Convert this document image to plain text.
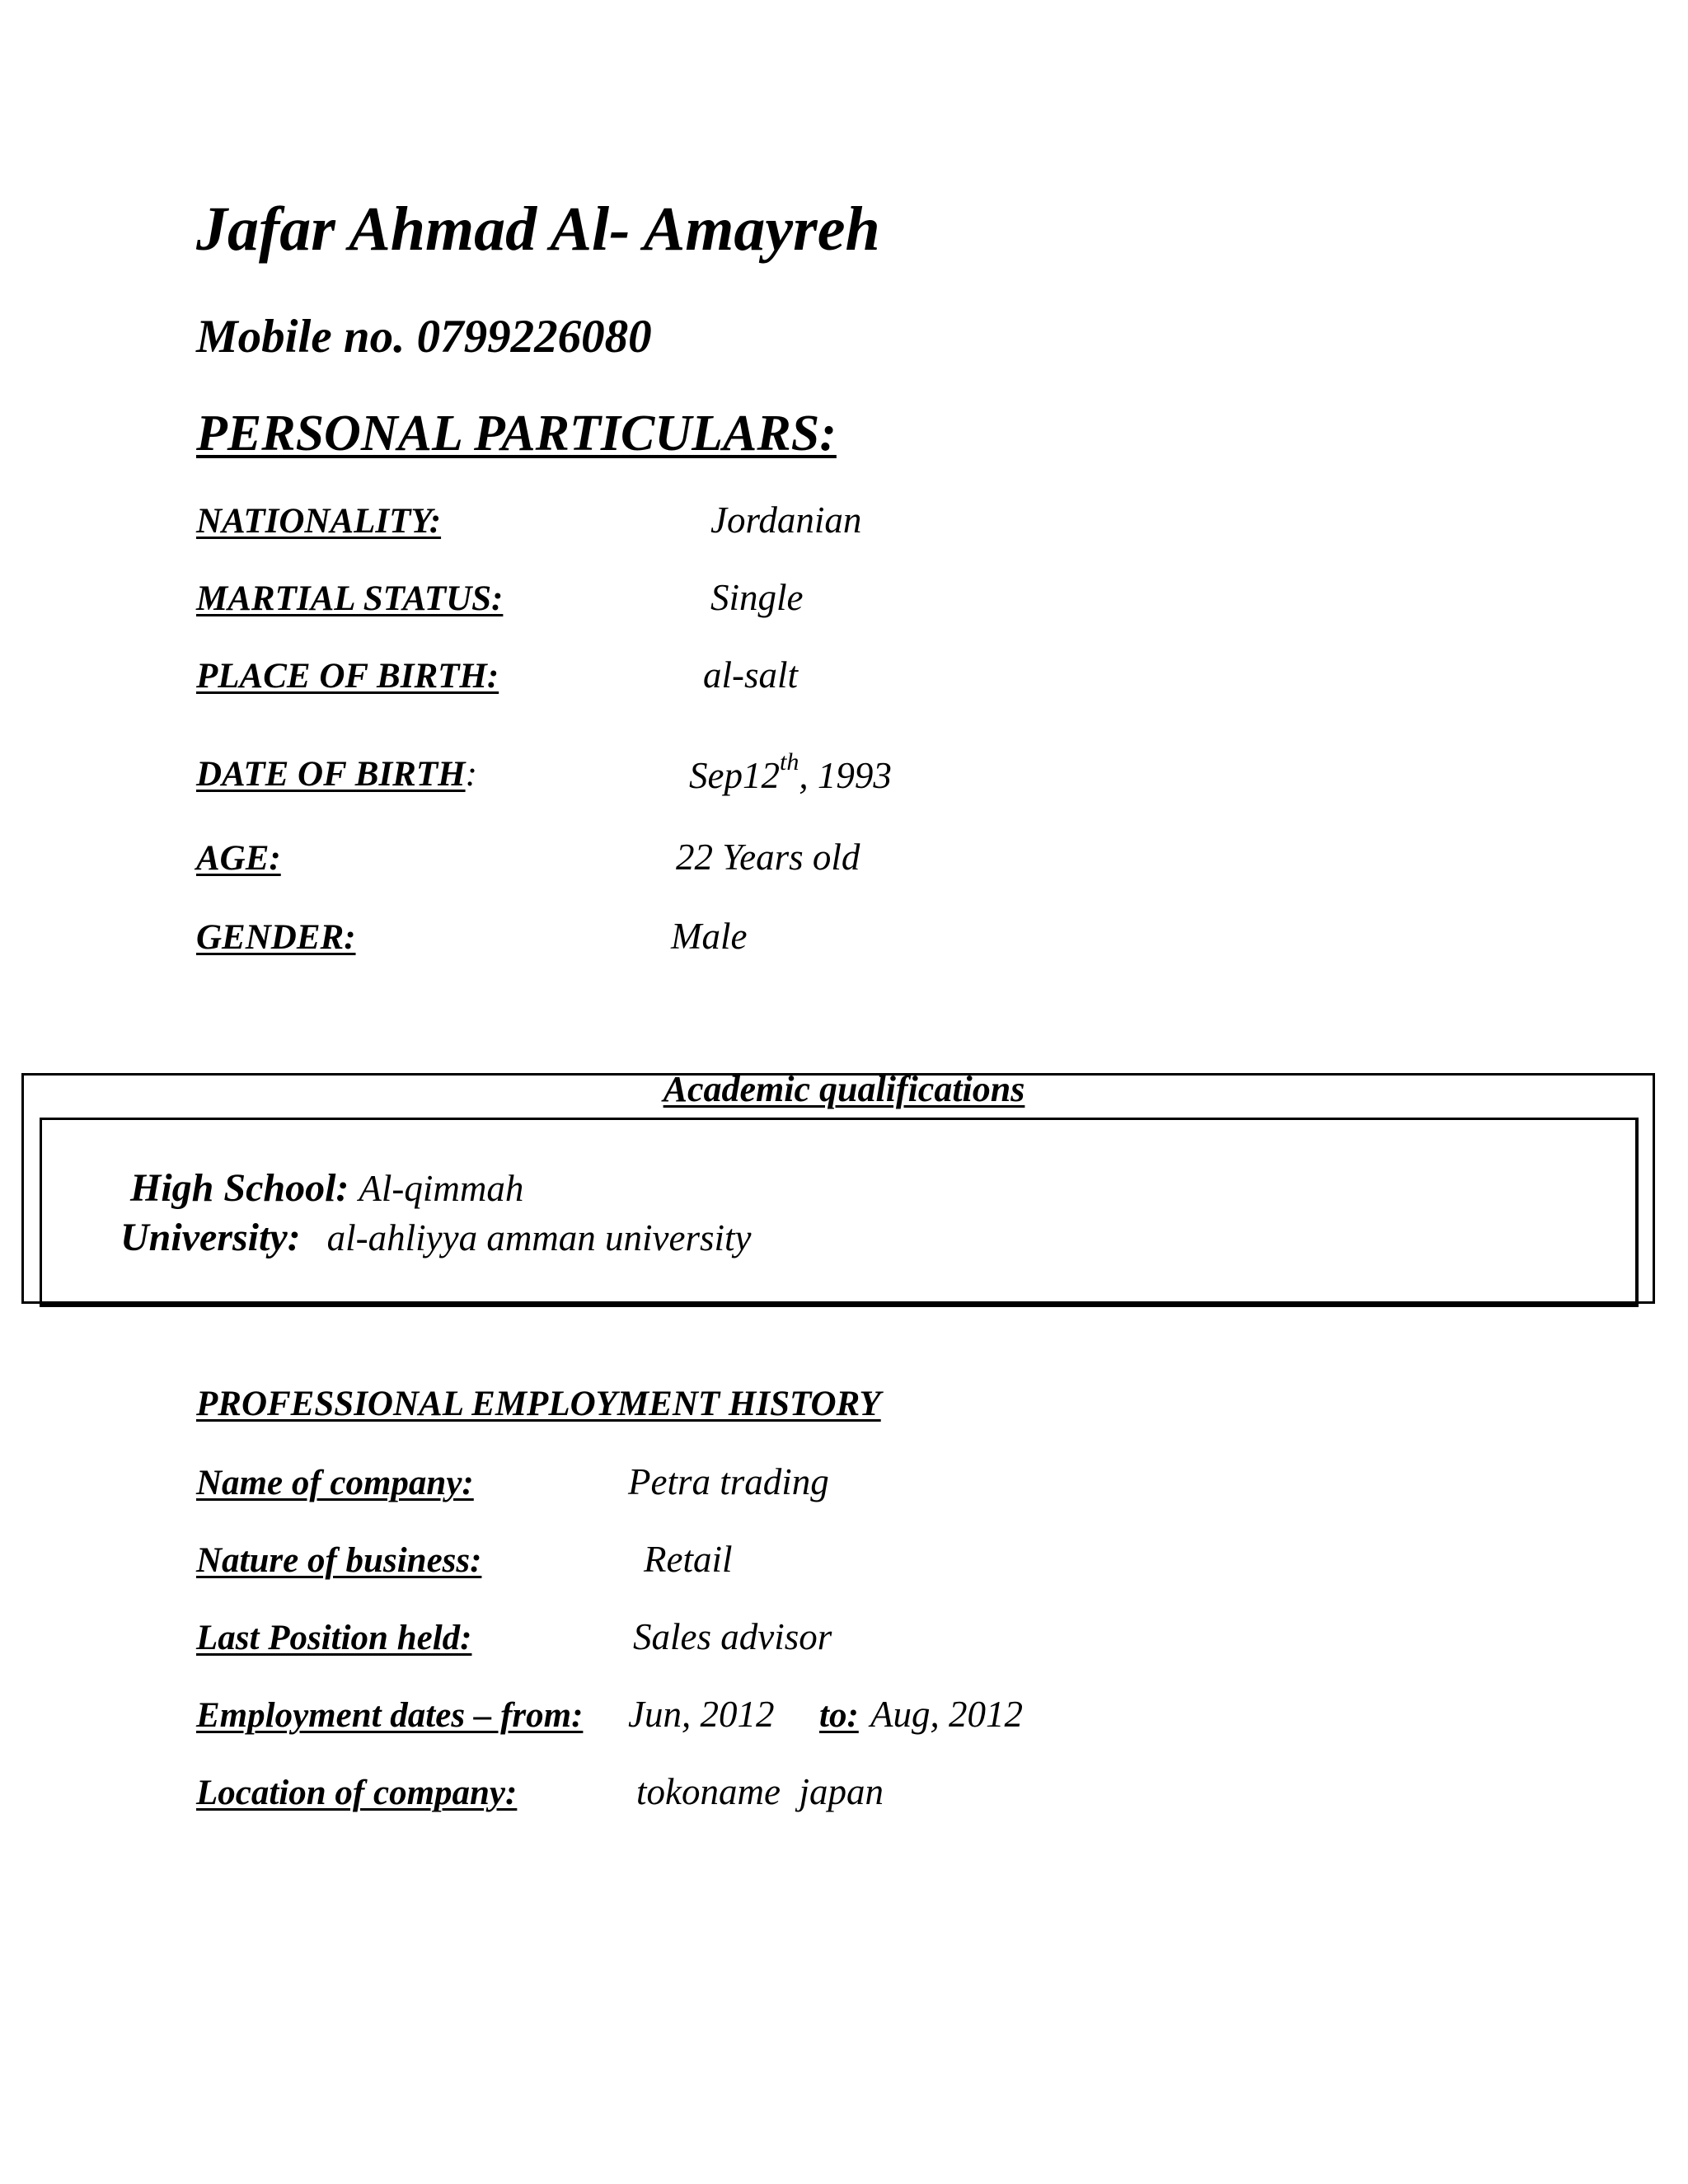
Jafar Ahmad Al- Amayreh
Mobile no. 0799226080
PERSONAL PARTICULARS:
NATIONALITY:	Jordanian
MARTIAL STATUS:	Single
PLACE OF BIRTH:	al-salt
DATE OF BIRTH:	Sep12th, 1993
AGE:	22 Years old
GENDER:	Male
Academic qualifications
High School: Al-qimmah
University: al-ahliyya amman university
PROFESSIONAL EMPLOYMENT HISTORY
Name of company:	Petra trading
Nature of business:	Retail
Last Position held:	Sales advisor
Employment dates – from: Jun, 2012 to: Aug, 2012
Location of company:	tokoname  japan
